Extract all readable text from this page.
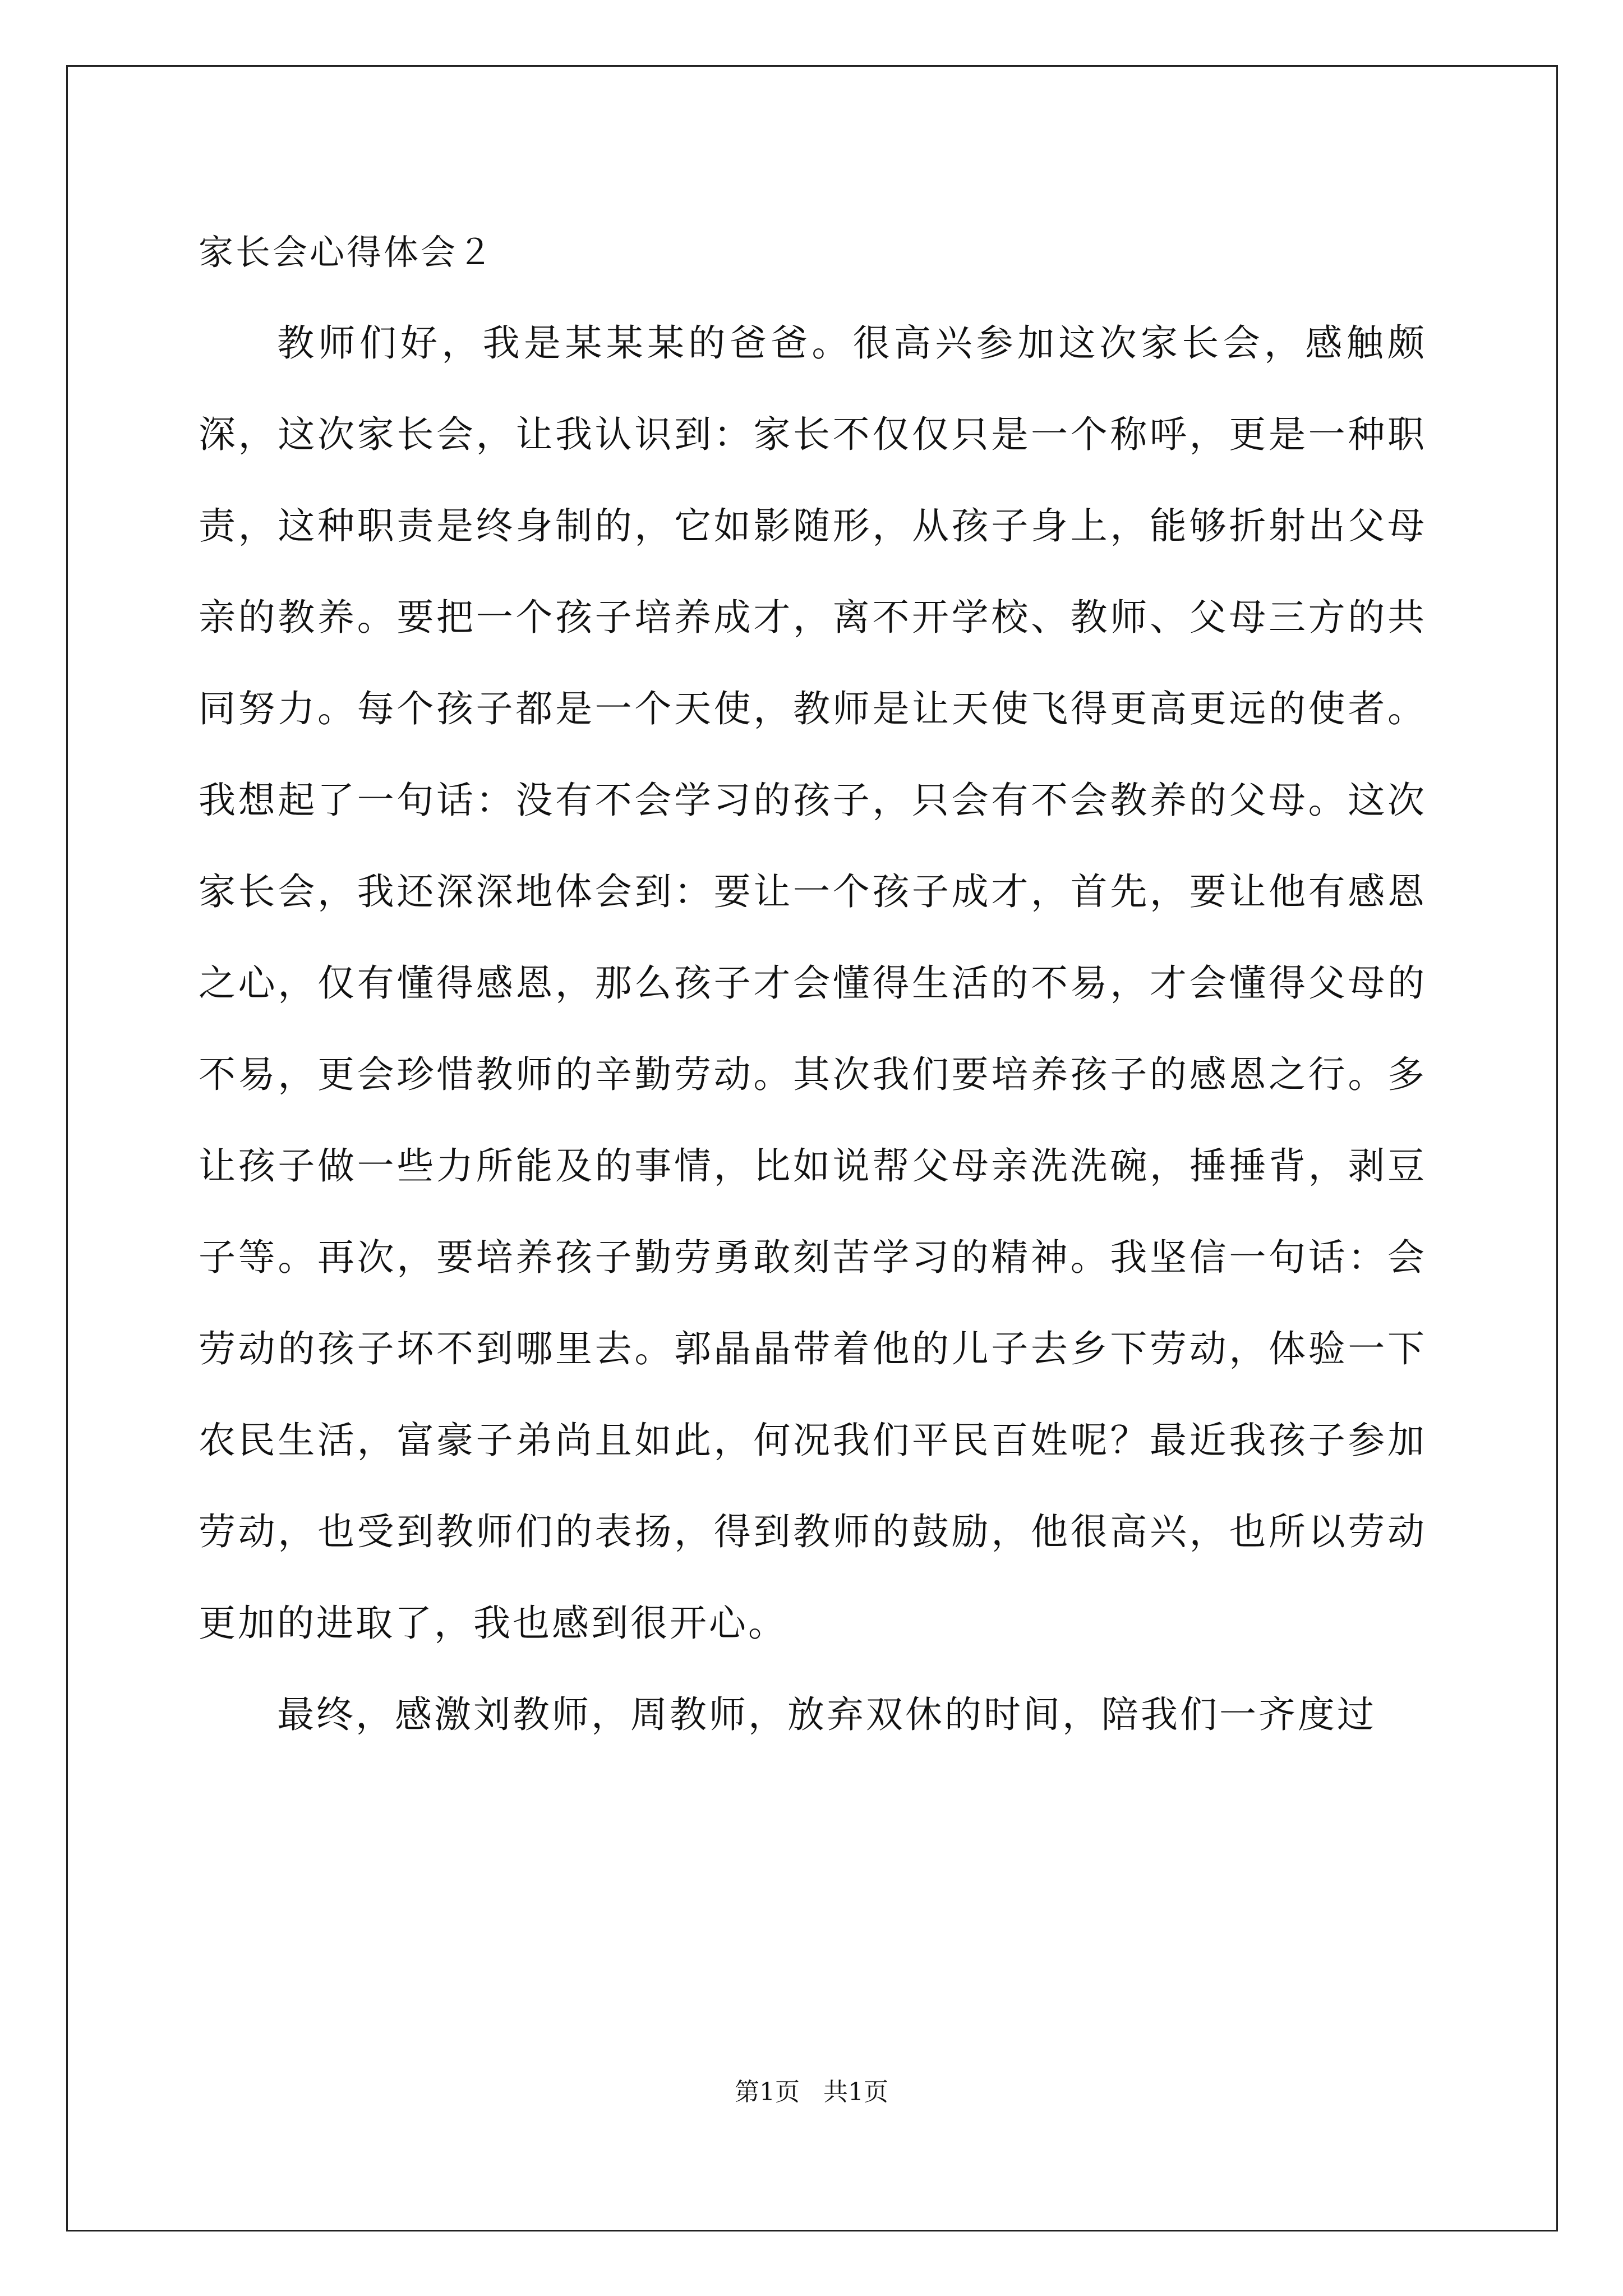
家长会心得体会２

教师们好，我是某某某的爸爸。很高兴参加这次家长会，感触颇深，这次家长会，让我认识到：家长不仅仅只是一个称呼，更是一种职责，这种职责是终身制的，它如影随形，从孩子身上，能够折射出父母亲的教养。要把一个孩子培养成才，离不开学校、教师、父母三方的共同努力。每个孩子都是一个天使，教师是让天使飞得更高更远的使者。我想起了一句话：没有不会学习的孩子，只会有不会教养的父母。这次家长会，我还深深地体会到：要让一个孩子成才，首先，要让他有感恩之心，仅有懂得感恩，那么孩子才会懂得生活的不易，才会懂得父母的不易，更会珍惜教师的辛勤劳动。其次我们要培养孩子的感恩之行。多让孩子做一些力所能及的事情，比如说帮父母亲洗洗碗，捶捶背，剥豆子等。再次，要培养孩子勤劳勇敢刻苦学习的精神。我坚信一句话：会劳动的孩子坏不到哪里去。郭晶晶带着他的儿子去乡下劳动，体验一下农民生活，富豪子弟尚且如此，何况我们平民百姓呢？最近我孩子参加劳动，也受到教师们的表扬，得到教师的鼓励，他很高兴，也所以劳动更加的进取了，我也感到很开心。

最终，感激刘教师，周教师，放弃双休的时间，陪我们一齐度过

第1页   共1页
